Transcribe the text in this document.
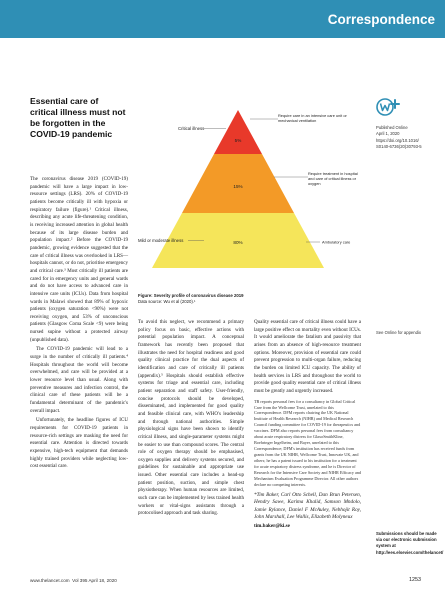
Correspondence
Essential care of critical illness must not be forgotten in the COVID-19 pandemic

The coronavirus disease 2019 (COVID-19) pandemic will have a large impact in low-resource settings (LRS). 20% of COVID-19 patients become critically ill with hypoxia or respiratory failure (figure).¹ Critical illness, describing any acute life-threatening condition, is receiving increased attention in global health because of its large disease burden and population impact.² Before the COVID-19 pandemic, growing evidence suggested that the care of critical illness was overlooked in LRS—hospitals cannot, or do not, prioritise emergency and critical care.³ Most critically ill patients are cared for in emergency units and general wards and do not have access to advanced care in intensive care units (ICUs). Data from hospital wards in Malawi showed that 89% of hypoxic patients (oxygen saturation <90%) were not receiving oxygen, and 53% of unconscious patients (Glasgow Coma Scale <9) were being nursed supine without a protected airway (unpublished data).

The COVID-19 pandemic will lead to a surge in the number of critically ill patients.⁴ Hospitals throughout the world will become overwhelmed, and care will be provided at a lower resource level than usual. Along with preventive measures and infection control, the clinical care of these patients will be a fundamental determinant of the pandemic's overall impact.

Unfortunately, the headline figures of ICU requirements for COVID-19 patients in resource-rich settings are masking the need for essential care. Attention is directed towards expensive, high-tech equipment that demands highly trained providers while neglecting low-cost essential care.

5%
15%
80%
Critical illness
Mild or moderate illness
Require care in an intensive care unit or mechanical ventilation
Require treatment in hospital and care of critical illness or oxygen
Ambulatory care
Figure: Severity profile of coronavirus disease 2019
Data source: Wu et al (2020).¹

To avoid this neglect, we recommend a primary policy focus on basic, effective actions with potential population impact. A conceptual framework has recently been proposed that illustrates the need for hospital readiness and good quality clinical practice for the dual aspects of identification and care of critically ill patients (appendix).⁵ Hospitals should establish effective systems for triage and essential care, including patient separation and staff safety. User-friendly, concise protocols should be developed, disseminated, and implemented for good quality and feasible clinical care, with WHO's leadership and through national authorities. Simple physiological signs have been shown to identify critical illness, and single-parameter systems might be easier to use than compound scores. The central role of oxygen therapy should be emphasised, oxygen supplies and delivery systems secured, and guidelines for sustainable and appropriate use issued. Other essential care includes a head-up patient position, suction, and simple chest physiotherapy. When human resources are limited, such care can be implemented by less trained health workers or vital-signs assistants through a protocolised approach and task sharing.

Quality essential care of critical illness could have a large positive effect on mortality even without ICUs. It would ameliorate the fatalism and passivity that arises from an absence of high-resource treatment options. Moreover, provision of essential care could prevent progression to multi-organ failure, reducing the burden on limited ICU capacity. The ability of health services in LRS and throughout the world to provide good quality essential care of critical illness must be greatly and urgently increased.

TB reports personal fees for a consultancy in Global Critical Care from the Wellcome Trust, unrelated to this Correspondence. DFM reports chairing the UK National Institute of Health Research (NIHR) and Medical Research Council funding committee for COVID-19 for therapeutics and vaccines. DFM also reports personal fees from consultancy about acute respiratory distress for GlaxoSmithKline, Boehringer Ingelheim, and Bayer, unrelated to this Correspondence; DFM's institution has received funds from grants from the UK NIHR, Wellcome Trust, Innovate UK, and others; he has a patent issued to his institution for a treatment for acute respiratory distress syndrome, and he is Director of Research for the Intensive Care Society and NIHR Efficacy and Mechanism Evaluation Programme Director. All other authors declare no competing interests.
*Tim Baker, Carl Otto Schell, Dan Brun Petersen, Hendry Sawe, Karima Khalid, Samson Mndolo, Jamie Rylance, Daniel F McAuley, Nebhojit Roy, John Marshall, Lee Wallis, Elizabeth Molyneux
tim.baker@ki.se
Published Online
April 1, 2020
https://doi.org/10.1016/
S0140-6736(20)30793-5
See Online for appendix
Submissions should be made via our electronic submission system at http://ees.elsevier.com/thelancet/
www.thelancet.com Vol 395 April 18, 2020	1253
